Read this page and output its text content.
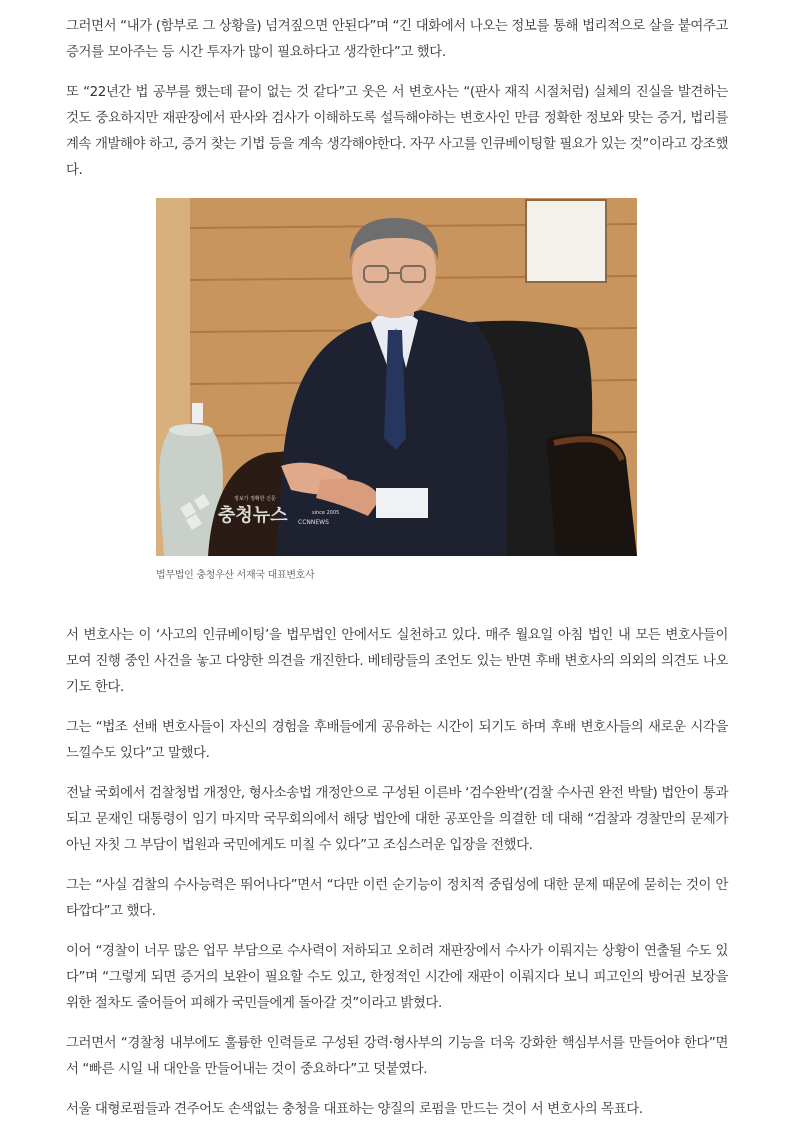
그러면서 “내가 (함부로 그 상황을) 넘겨짚으면 안된다”며 “긴 대화에서 나오는 정보를 통해 법리적으로 살을 붙여주고 증거를 모아주는 등 시간 투자가 많이 필요하다고 생각한다”고 했다.

또 “22년간 법 공부를 했는데 끝이 없는 것 같다”고 웃은 서 변호사는 “(판사 재직 시절처럼) 실체의 진실을 발견하는 것도 중요하지만 재판장에서 판사와 검사가 이해하도록 설득해야하는 변호사인 만큼 정확한 정보와 맞는 증거, 법리를 계속 개발해야 하고, 증거 찾는 기법 등을 계속 생각해야한다. 자꾸 사고를 인큐베이팅할 필요가 있는 것”이라고 강조했다.

충청뉴스
정보가 정확한 신문
since 2005
CCNNEWS
법무법인 충청우산 서재국 대표변호사

서 변호사는 이 ‘사고의 인큐베이팅’을 법무법인 안에서도 실천하고 있다. 매주 월요일 아침 법인 내 모든 변호사들이 모여 진행 중인 사건을 놓고 다양한 의견을 개진한다. 베테랑들의 조언도 있는 반면 후배 변호사의 의외의 의견도 나오기도 한다.

그는 “법조 선배 변호사들이 자신의 경험을 후배들에게 공유하는 시간이 되기도 하며 후배 변호사들의 새로운 시각을 느낄수도 있다”고 말했다.

전날 국회에서 검찰청법 개정안, 형사소송법 개정안으로 구성된 이른바 ‘검수완박’(검찰 수사권 완전 박탈) 법안이 통과되고 문재인 대통령이 임기 마지막 국무회의에서 해당 법안에 대한 공포안을 의결한 데 대해 “검찰과 경찰만의 문제가 아닌 자칫 그 부담이 법원과 국민에게도 미칠 수 있다”고 조심스러운 입장을 전했다.

그는 “사실 검찰의 수사능력은 뛰어나다”면서 “다만 이런 순기능이 정치적 중립성에 대한 문제 때문에 묻히는 것이 안타깝다”고 했다.

이어 “경찰이 너무 많은 업무 부담으로 수사력이 저하되고 오히려 재판장에서 수사가 이뤄지는 상황이 연출될 수도 있다”며 “그렇게 되면 증거의 보완이 필요할 수도 있고, 한정적인 시간에 재판이 이뤄지다 보니 피고인의 방어권 보장을 위한 절차도 줄어들어 피해가 국민들에게 돌아갈 것”이라고 밝혔다.

그러면서 “경찰청 내부에도 훌륭한 인력들로 구성된 강력·형사부의 기능을 더욱 강화한 핵심부서를 만들어야 한다”면서 “빠른 시일 내 대안을 만들어내는 것이 중요하다”고 덧붙였다.

서울 대형로펌들과 견주어도 손색없는 충청을 대표하는 양질의 로펌을 만드는 것이 서 변호사의 목표다.
